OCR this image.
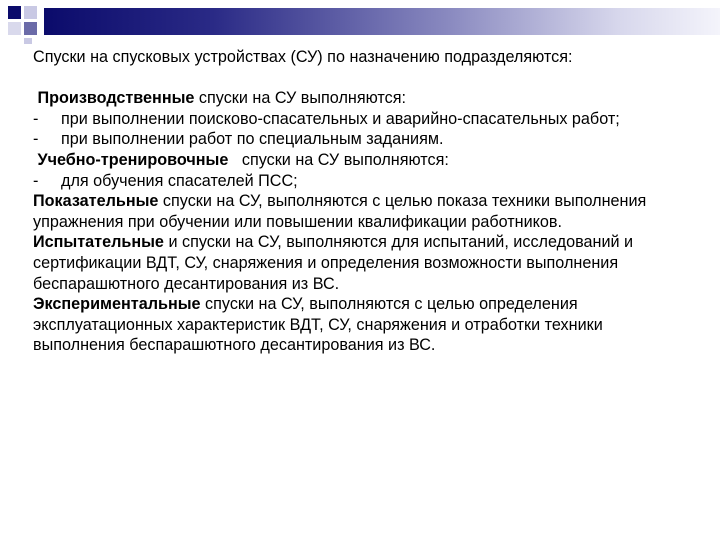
Спуски на спусковых устройствах (СУ) по назначению подразделяются:

Производственные спуски на СУ выполняются:

-	при выполнении поисково-спасательных и аварийно-спасательных работ;
-	при выполнении работ по специальным заданиям.

Учебно-тренировочные   спуски на СУ выполняются:

-	для обучения спасателей ПСС;

Показательные спуски на СУ, выполняются с целью показа техники выполнения упражнения при обучении или повышении квалификации работников.

Испытательные и спуски на СУ, выполняются для испытаний, исследований и сертификации ВДТ, СУ, снаряжения и определения возможности выполнения беспарашютного десантирования из ВС.

Экспериментальные спуски на СУ, выполняются с целью определения эксплуатационных характеристик ВДТ, СУ, снаряжения и отработки техники выполнения беспарашютного десантирования из ВС.
